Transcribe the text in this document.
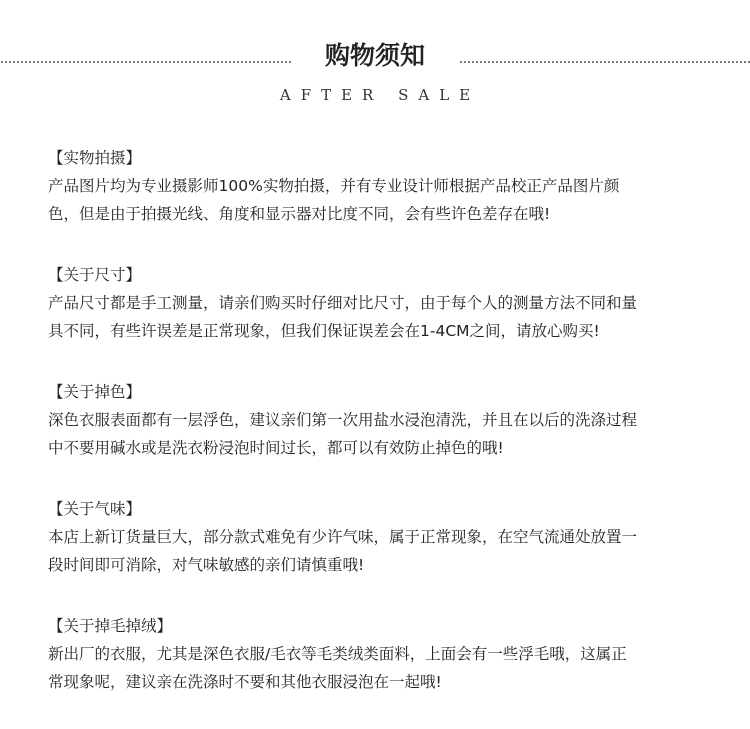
购物须知
AFTER SALE
【实物拍摄】
产品图片均为专业摄影师100%实物拍摄，并有专业设计师根据产品校正产品图片颜
色，但是由于拍摄光线、角度和显示器对比度不同，会有些许色差存在哦!
【关于尺寸】
产品尺寸都是手工测量，请亲们购买时仔细对比尺寸，由于每个人的测量方法不同和量
具不同，有些许误差是正常现象，但我们保证误差会在1-4CM之间，请放心购买!
【关于掉色】
深色衣服表面都有一层浮色，建议亲们第一次用盐水浸泡清洗，并且在以后的洗涤过程
中不要用碱水或是洗衣粉浸泡时间过长，都可以有效防止掉色的哦!
【关于气味】
本店上新订货量巨大，部分款式难免有少许气味，属于正常现象，在空气流通处放置一
段时间即可消除，对气味敏感的亲们请慎重哦!
【关于掉毛掉绒】
新出厂的衣服，尤其是深色衣服/毛衣等毛类绒类面料，上面会有一些浮毛哦，这属正
常现象呢，建议亲在洗涤时不要和其他衣服浸泡在一起哦!
